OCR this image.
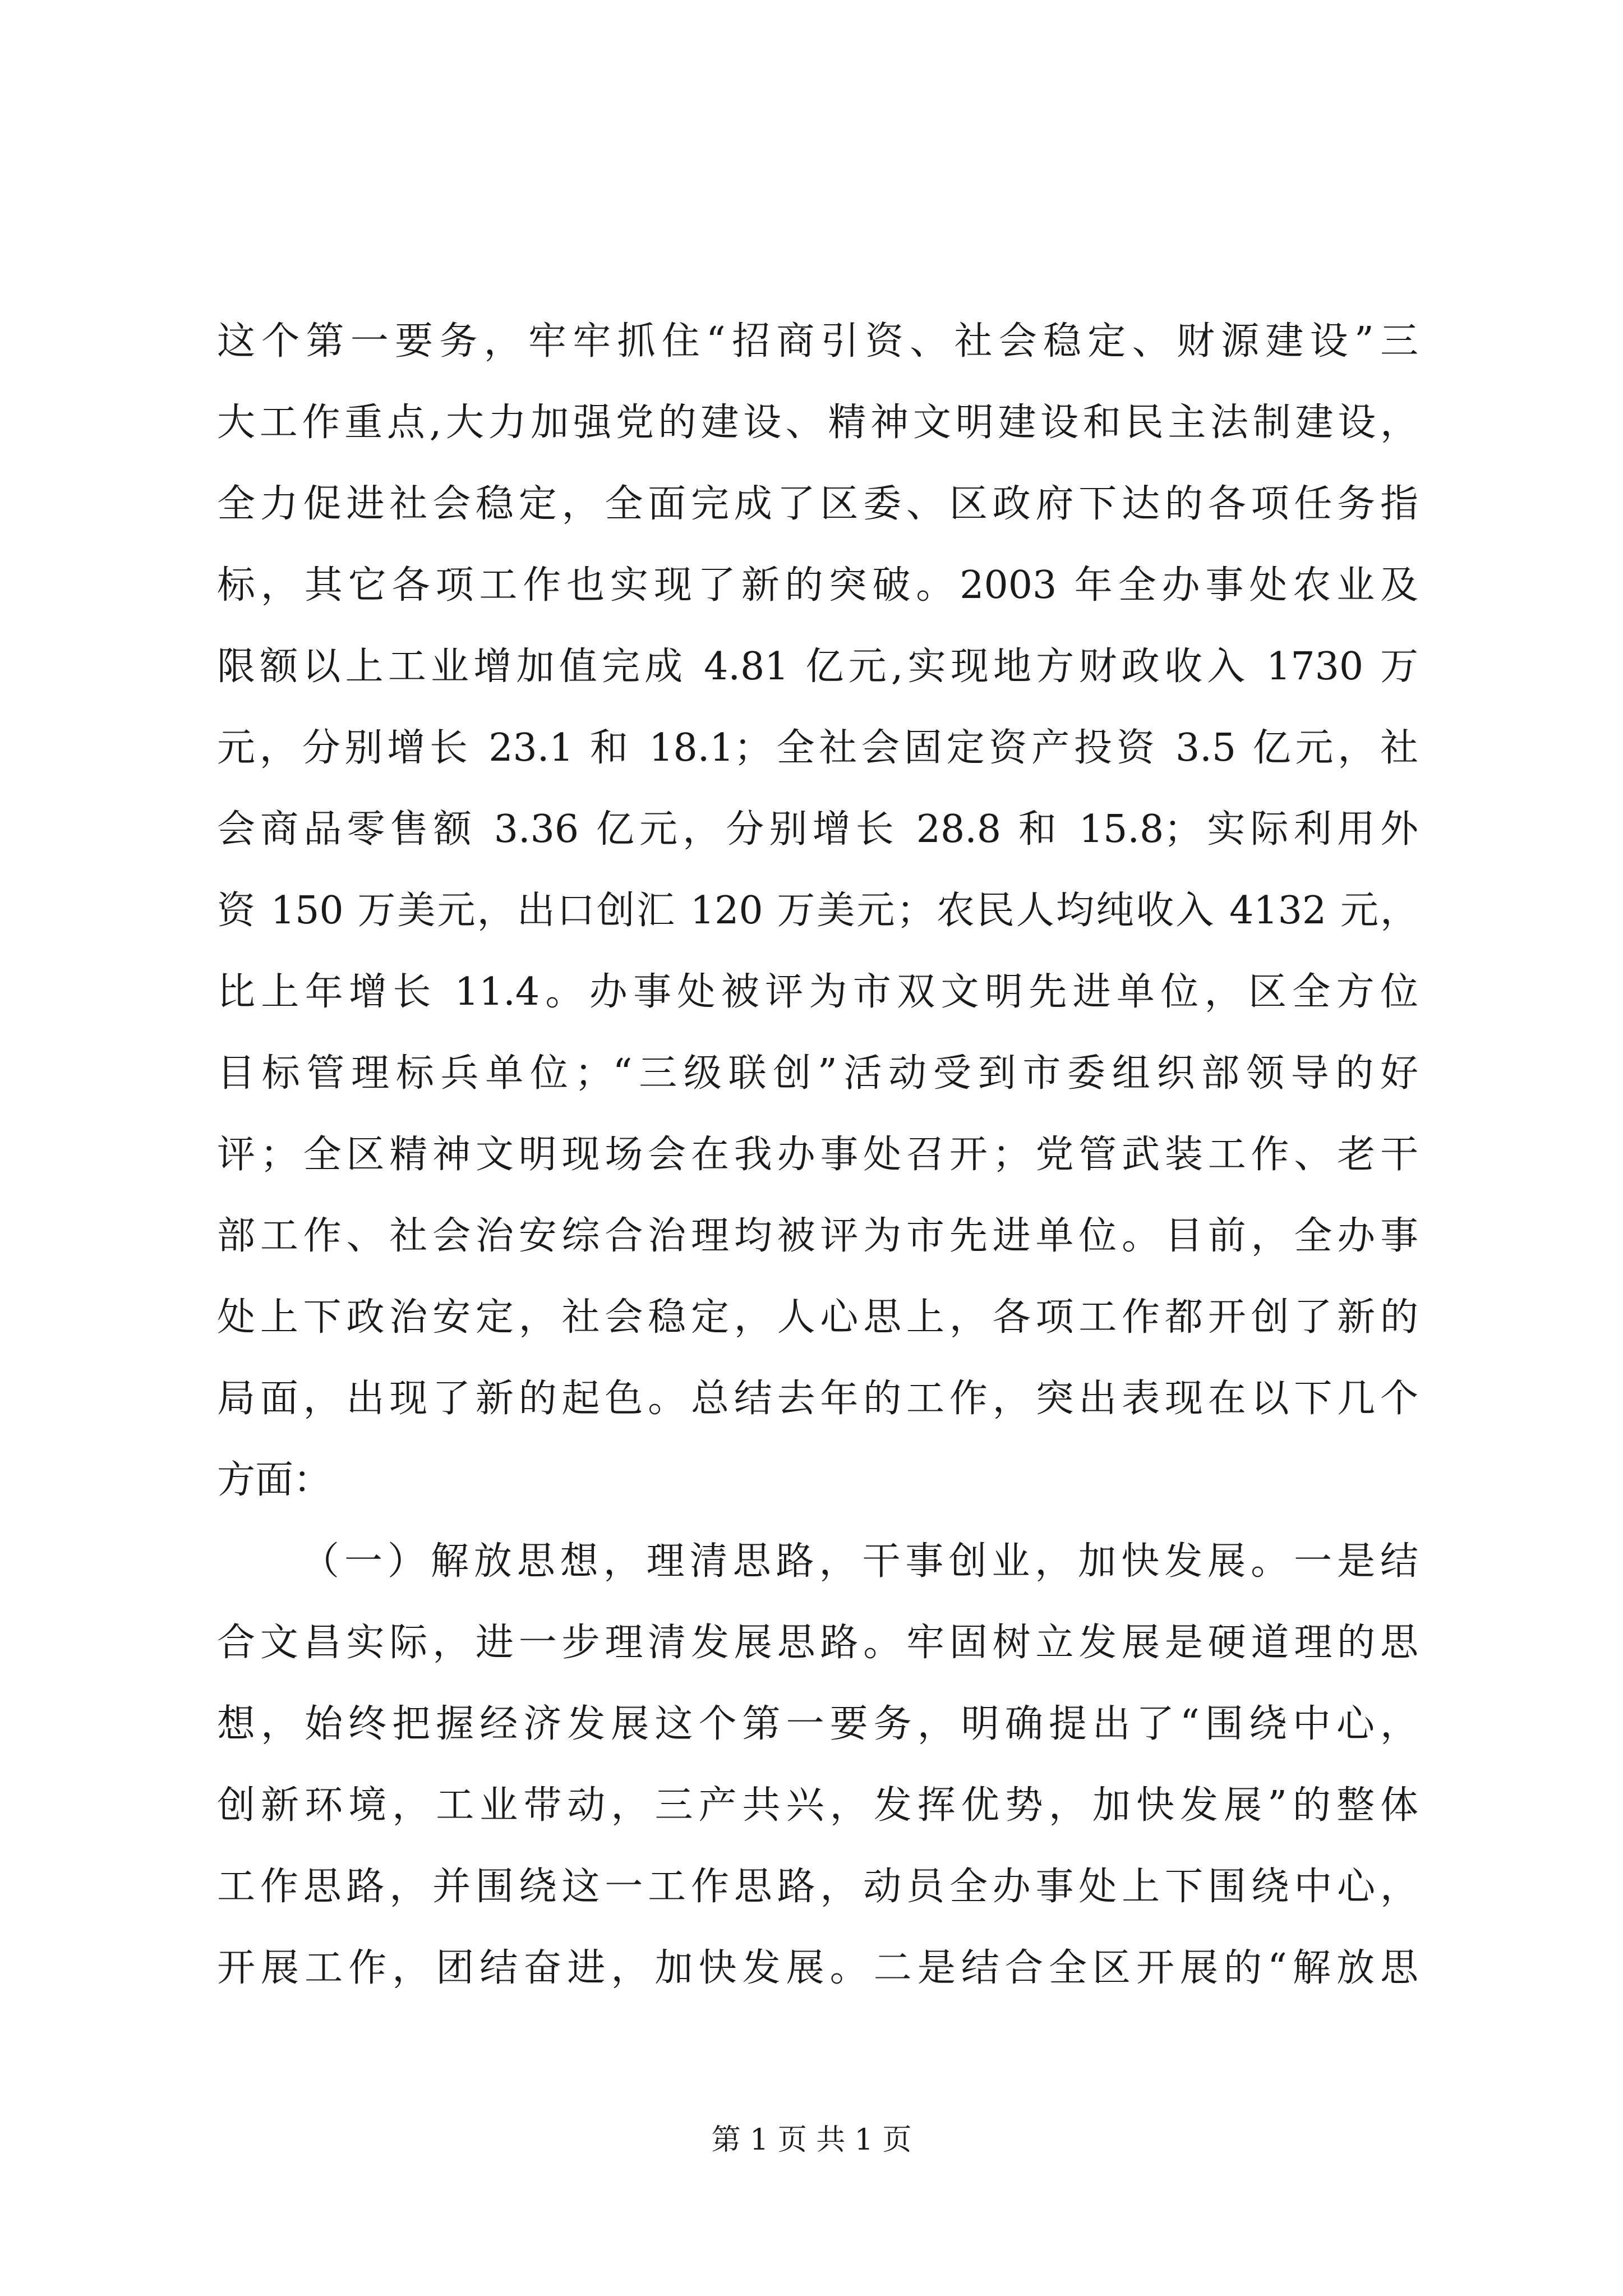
这个第一要务，牢牢抓住“招商引资、社会稳定、财源建设”三
大工作重点,大力加强党的建设、精神文明建设和民主法制建设，
全力促进社会稳定，全面完成了区委、区政府下达的各项任务指
标，其它各项工作也实现了新的突破。2003 年全办事处农业及
限额以上工业增加值完成 4.81 亿元,实现地方财政收入 1730 万
元，分别增长 23.1 和 18.1；全社会固定资产投资 3.5 亿元，社
会商品零售额 3.36 亿元，分别增长 28.8 和 15.8；实际利用外
资 150 万美元，出口创汇 120 万美元；农民人均纯收入 4132 元，
比上年增长 11.4。办事处被评为市双文明先进单位，区全方位
目标管理标兵单位；“三级联创”活动受到市委组织部领导的好
评；全区精神文明现场会在我办事处召开；党管武装工作、老干
部工作、社会治安综合治理均被评为市先进单位。目前，全办事
处上下政治安定，社会稳定，人心思上，各项工作都开创了新的
局面，出现了新的起色。总结去年的工作，突出表现在以下几个
方面：
（一）解放思想，理清思路，干事创业，加快发展。一是结
合文昌实际，进一步理清发展思路。牢固树立发展是硬道理的思
想，始终把握经济发展这个第一要务，明确提出了“围绕中心，
创新环境，工业带动，三产共兴，发挥优势，加快发展”的整体
工作思路，并围绕这一工作思路，动员全办事处上下围绕中心，
开展工作，团结奋进，加快发展。二是结合全区开展的“解放思
第 1 页 共 1 页
